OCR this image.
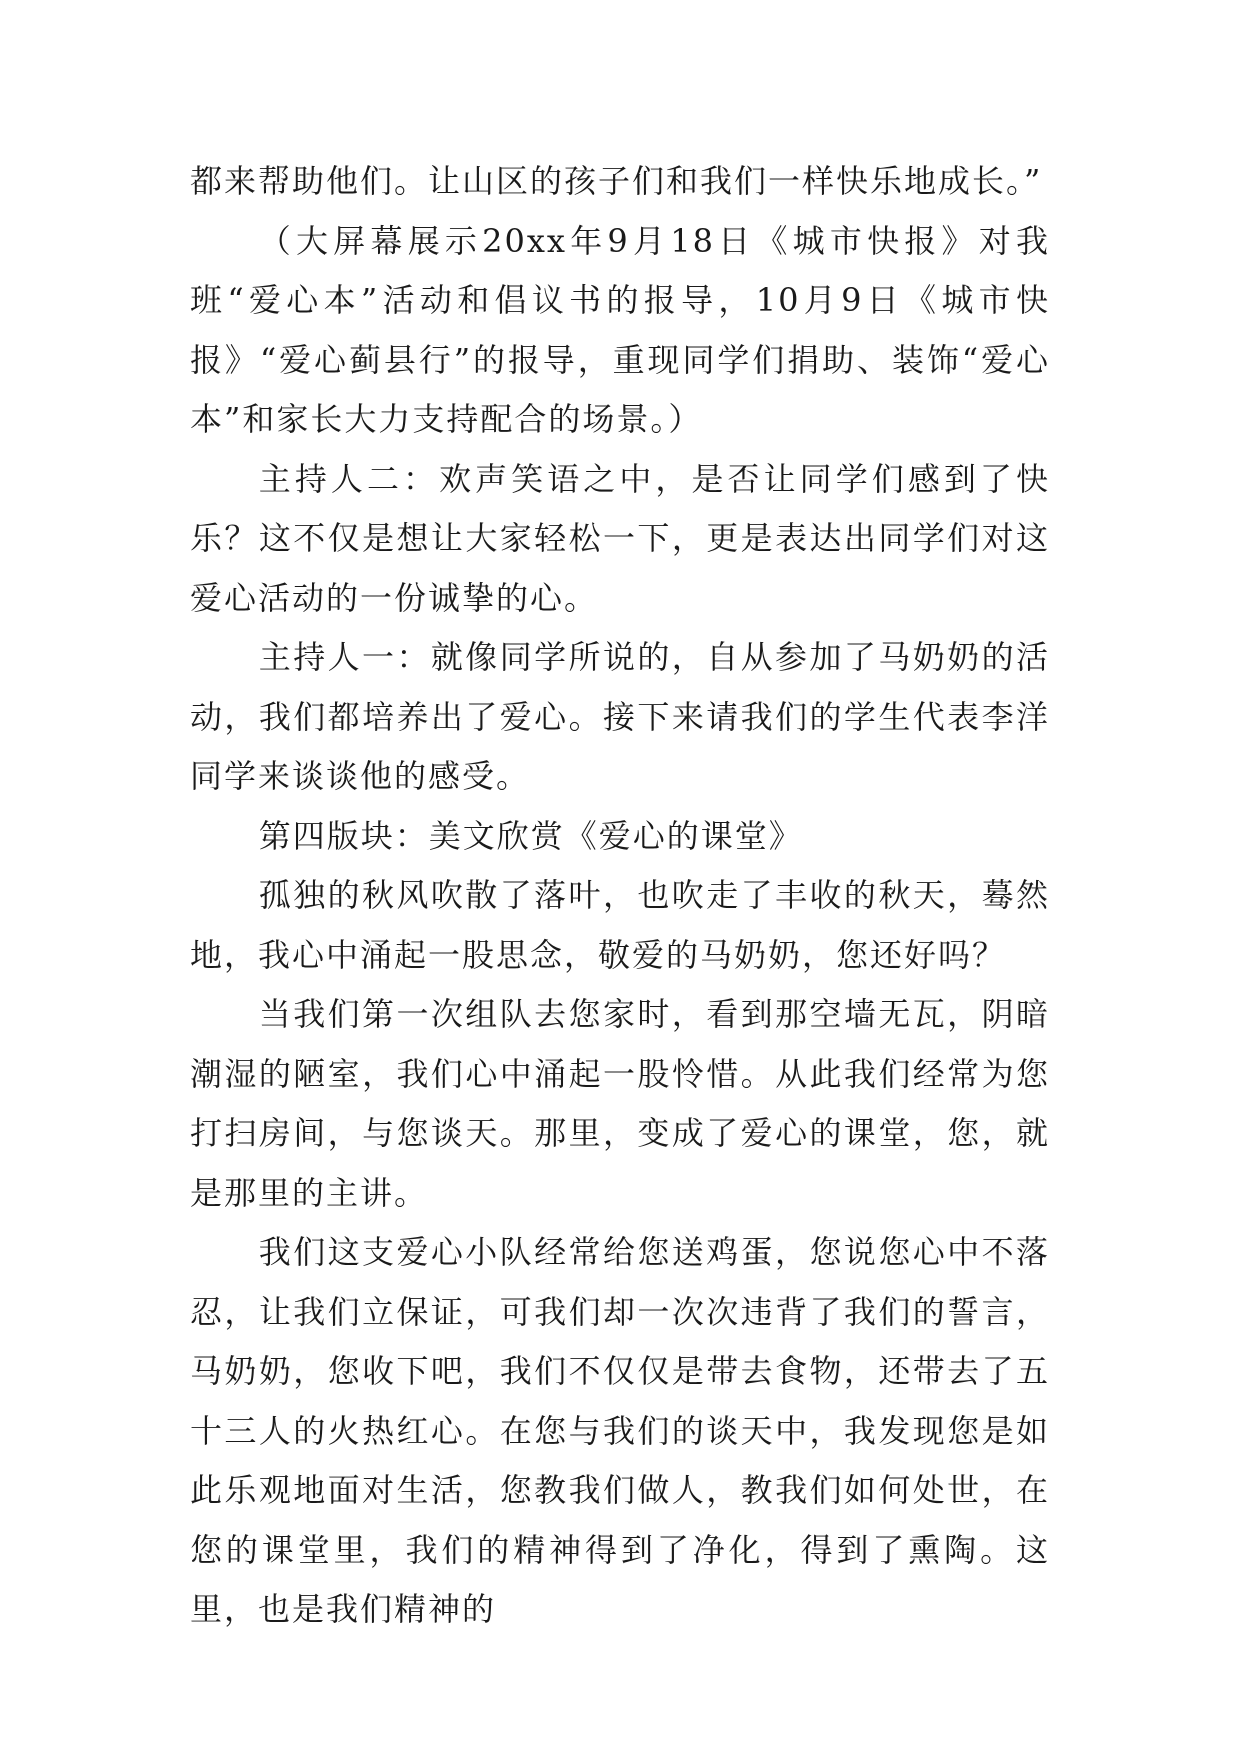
都来帮助他们。让山区的孩子们和我们一样快乐地成长。”

（大屏幕展示20xx年9月18日《城市快报》对我班“爱心本”活动和倡议书的报导，10月9日《城市快报》“爱心蓟县行”的报导，重现同学们捐助、装饰“爱心本”和家长大力支持配合的场景。）

主持人二：欢声笑语之中，是否让同学们感到了快乐？这不仅是想让大家轻松一下，更是表达出同学们对这爱心活动的一份诚挚的心。

主持人一：就像同学所说的，自从参加了马奶奶的活动，我们都培养出了爱心。接下来请我们的学生代表李洋同学来谈谈他的感受。

第四版块：美文欣赏《爱心的课堂》

孤独的秋风吹散了落叶，也吹走了丰收的秋天，蓦然地，我心中涌起一股思念，敬爱的马奶奶，您还好吗？

当我们第一次组队去您家时，看到那空墙无瓦，阴暗潮湿的陋室，我们心中涌起一股怜惜。从此我们经常为您打扫房间，与您谈天。那里，变成了爱心的课堂，您，就是那里的主讲。

我们这支爱心小队经常给您送鸡蛋，您说您心中不落忍，让我们立保证，可我们却一次次违背了我们的誓言，马奶奶，您收下吧，我们不仅仅是带去食物，还带去了五十三人的火热红心。在您与我们的谈天中，我发现您是如此乐观地面对生活，您教我们做人，教我们如何处世，在您的课堂里，我们的精神得到了净化，得到了熏陶。这里，也是我们精神的
